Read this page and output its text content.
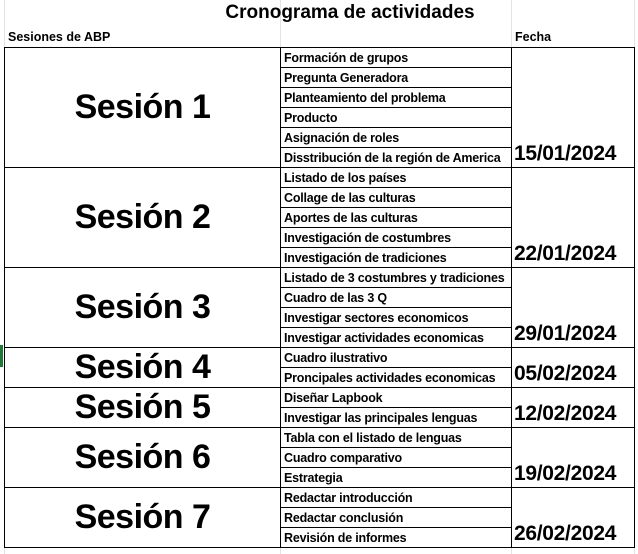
Cronograma de actividades
Sesiones de ABP	Fecha
Sesión 1	Formación de grupos	15/01/2024
	Pregunta Generadora	
	Planteamiento del problema	
	Producto	
	Asignación de roles	
	Disstribución de la región de America	
Sesión 2	Listado de los países	22/01/2024
	Collage de las culturas	
	Aportes de las culturas	
	Investigación de costumbres	
	Investigación de tradiciones	
Sesión 3	Listado de 3 costumbres y tradiciones	29/01/2024
	Cuadro de las 3 Q	
	Investigar sectores economicos	
	Investigar actividades economicas	
Sesión 4	Cuadro ilustrativo	05/02/2024
	Proncipales actividades economicas	
Sesión 5	Diseñar Lapbook	12/02/2024
	Investigar las principales lenguas	
Sesión 6	Tabla con el listado de lenguas	19/02/2024
	Cuadro comparativo	
	Estrategia	
Sesión 7	Redactar introducción	26/02/2024
	Redactar conclusión	
	Revisión de informes	
